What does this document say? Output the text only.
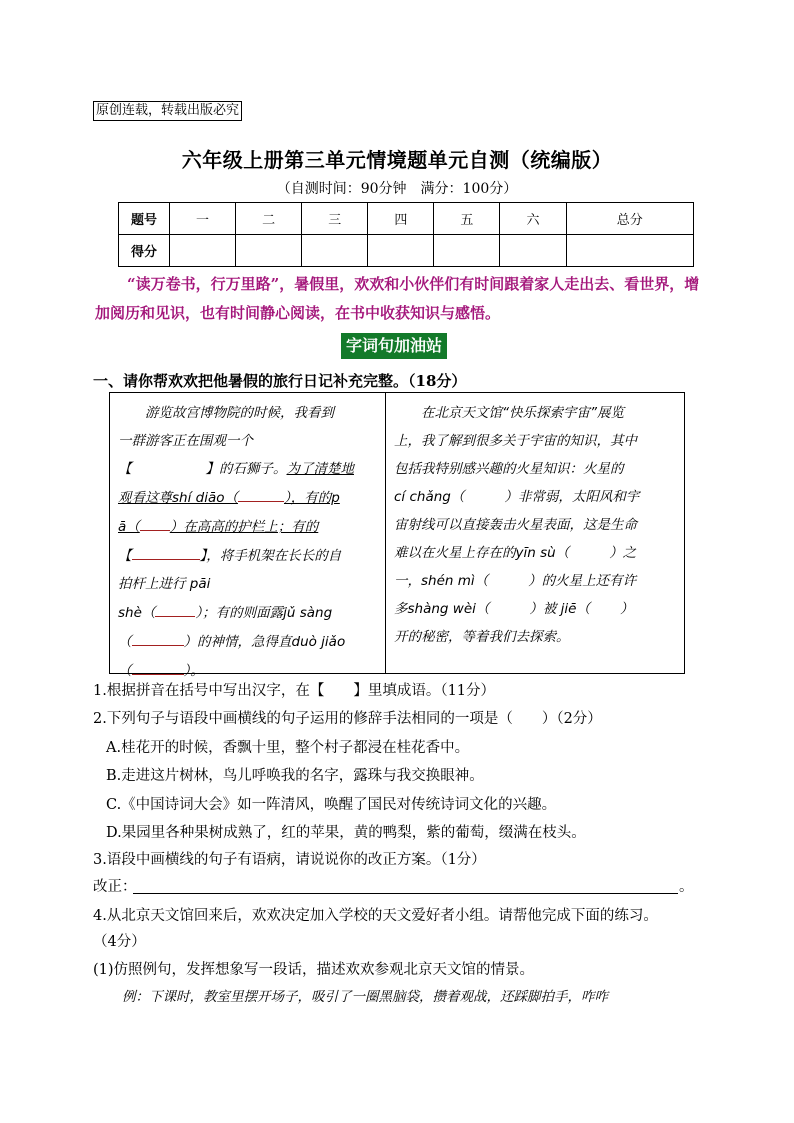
原创连载，转载出版必究
六年级上册第三单元情境题单元自测（统编版）
（自测时间：90分钟　满分：100分）
题号	一	二	三	四	五	六	总分
得分							
“读万卷书，行万里路”，暑假里，欢欢和小伙伴们有时间跟着家人走出去、看世界，增加阅历和见识，也有时间静心阅读，在书中收获知识与感悟。
字词句加油站
一、请你帮欢欢把他暑假的旅行日记补充完整。（18分）

游览故宫博物院的时候，我看到

一群游客正在围观一个

【	】的石狮子。为了清楚地

观看这尊shí diāo（	），有的p

ā（ ）在高高的护栏上；有的

【	】，将手机架在长长的自

拍杆上进行 pāi

shè（	）；有的则面露jǔ sàng

（	）的神情，急得直duò jiǎo

（	）。

在北京天文馆“快乐探索宇宙”展览

上，我了解到很多关于宇宙的知识，其中

包括我特别感兴趣的火星知识：火星的

cí chǎng（	）非常弱，太阳风和宇

宙射线可以直接轰击火星表面，这是生命

难以在火星上存在的yīn sù（	）之

一，shén mì（	）的火星上还有许

多shàng wèi（	）被 jiē（ ）

开的秘密，等着我们去探索。

1.根据拼音在括号中写出汉字，在【　　】里填成语。（11分）
2.下列句子与语段中画横线的句子运用的修辞手法相同的一项是（　　）（2分）
A.桂花开的时候，香飘十里，整个村子都浸在桂花香中。
B.走进这片树林，鸟儿呼唤我的名字，露珠与我交换眼神。
C.《中国诗词大会》如一阵清风，唤醒了国民对传统诗词文化的兴趣。
D.果园里各种果树成熟了，红的苹果，黄的鸭梨，紫的葡萄，缀满在枝头。
3.语段中画横线的句子有语病，请说说你的改正方案。（1分）
改正：	。
4.从北京天文馆回来后，欢欢决定加入学校的天文爱好者小组。请帮他完成下面的练习。
（4分）
(1)仿照例句，发挥想象写一段话，描述欢欢参观北京天文馆的情景。
例：下课时，教室里摆开场子，吸引了一圈黑脑袋，攒着观战，还踩脚拍手，咋咋
